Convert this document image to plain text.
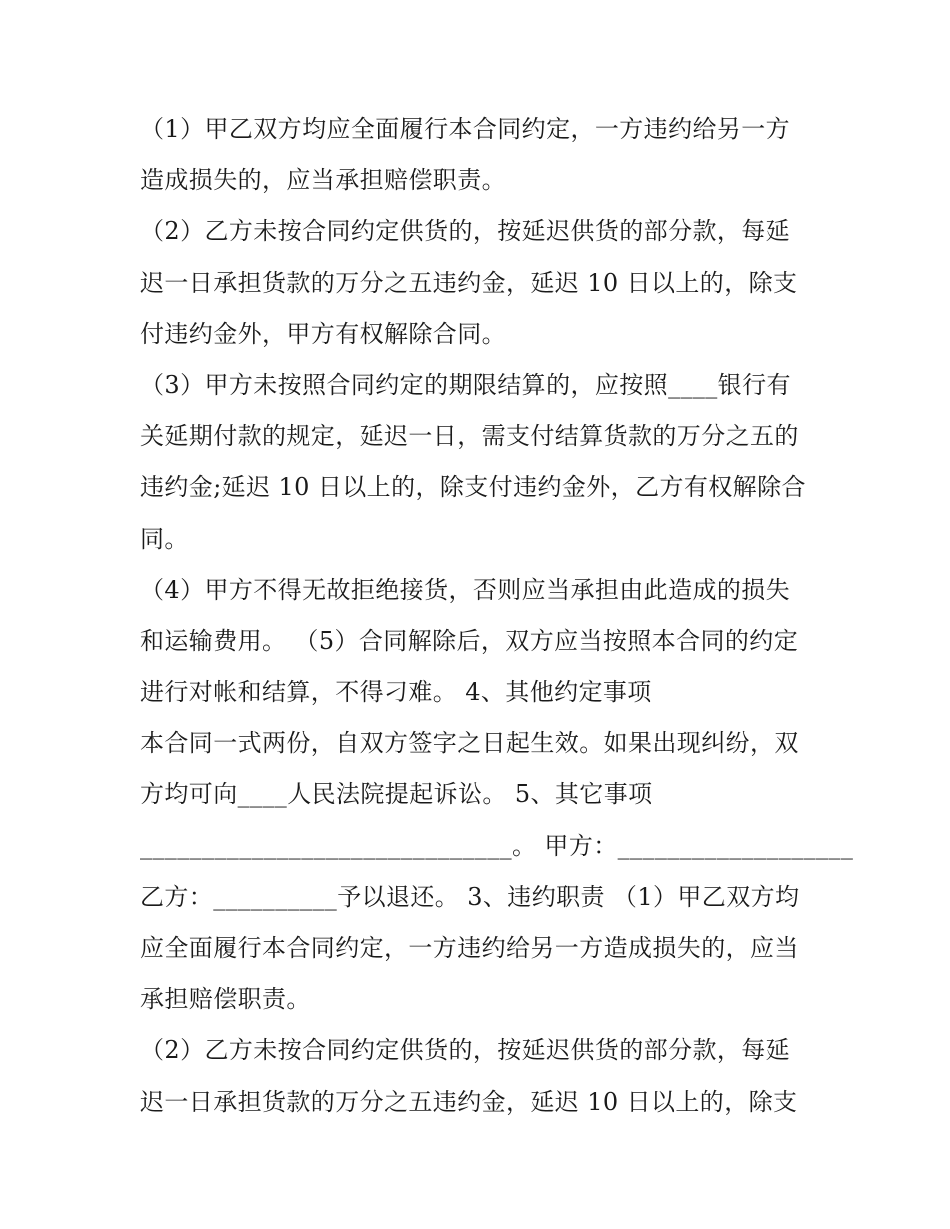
（1）甲乙双方均应全面履行本合同约定，一方违约给另一方
造成损失的，应当承担赔偿职责。
（2）乙方未按合同约定供货的，按延迟供货的部分款，每延
迟一日承担货款的万分之五违约金，延迟 10 日以上的，除支
付违约金外，甲方有权解除合同。
（3）甲方未按照合同约定的期限结算的，应按照____银行有
关延期付款的规定，延迟一日，需支付结算货款的万分之五的
违约金;延迟 10 日以上的，除支付违约金外，乙方有权解除合
同。
（4）甲方不得无故拒绝接货，否则应当承担由此造成的损失
和运输费用。 （5）合同解除后，双方应当按照本合同的约定
进行对帐和结算，不得刁难。 4、其他约定事项
本合同一式两份，自双方签字之日起生效。如果出现纠纷，双
方均可向____人民法院提起诉讼。 5、其它事项
______________________________。 甲方：___________________
乙方：__________予以退还。 3、违约职责 （1）甲乙双方均
应全面履行本合同约定，一方违约给另一方造成损失的，应当
承担赔偿职责。
（2）乙方未按合同约定供货的，按延迟供货的部分款，每延
迟一日承担货款的万分之五违约金，延迟 10 日以上的，除支
